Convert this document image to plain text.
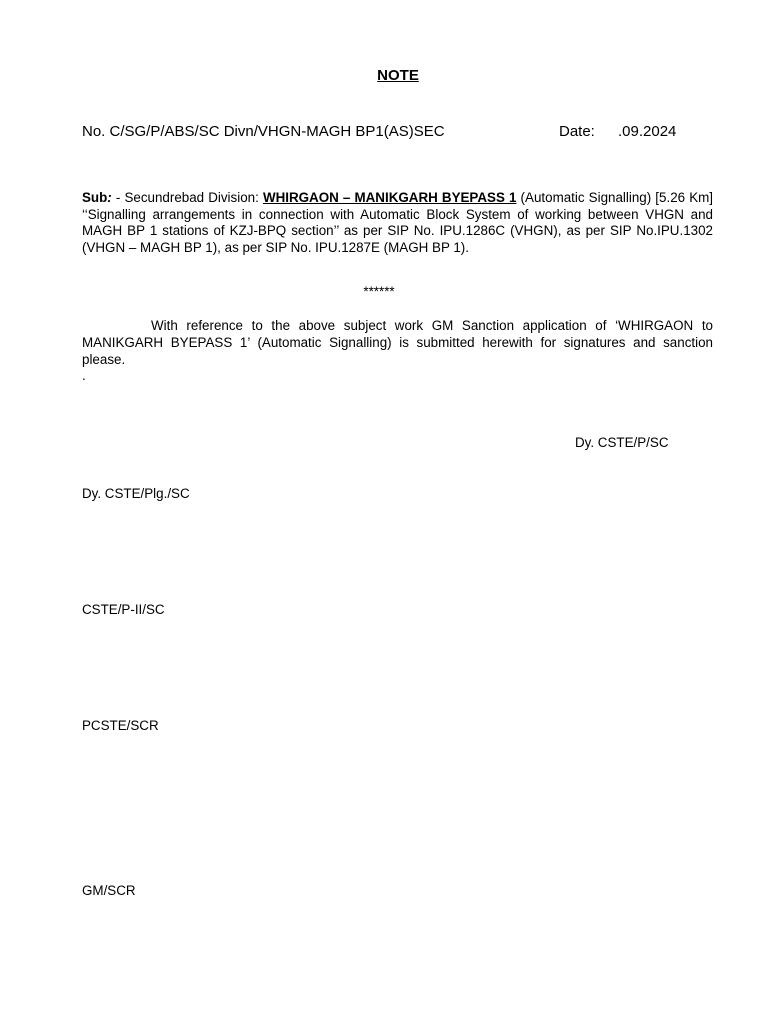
NOTE
No. C/SG/P/ABS/SC Divn/VHGN-MAGH BP1(AS)SEC	Date: .09.2024
Sub: - Secundrebad Division: WHIRGAON – MANIKGARH BYEPASS 1 (Automatic Signalling) [5.26 Km] ‘‘Signalling arrangements in connection with Automatic Block System of working between VHGN and MAGH BP 1 stations of KZJ-BPQ section’’ as per SIP No. IPU.1286C (VHGN), as per SIP No.IPU.1302 (VHGN – MAGH BP 1), as per SIP No. IPU.1287E (MAGH BP 1).
******
With reference to the above subject work GM Sanction application of ‘WHIRGAON to MANIKGARH BYEPASS 1’ (Automatic Signalling) is submitted herewith for signatures and sanction please.
.
Dy. CSTE/P/SC
Dy. CSTE/Plg./SC
CSTE/P-II/SC
PCSTE/SCR
GM/SCR
